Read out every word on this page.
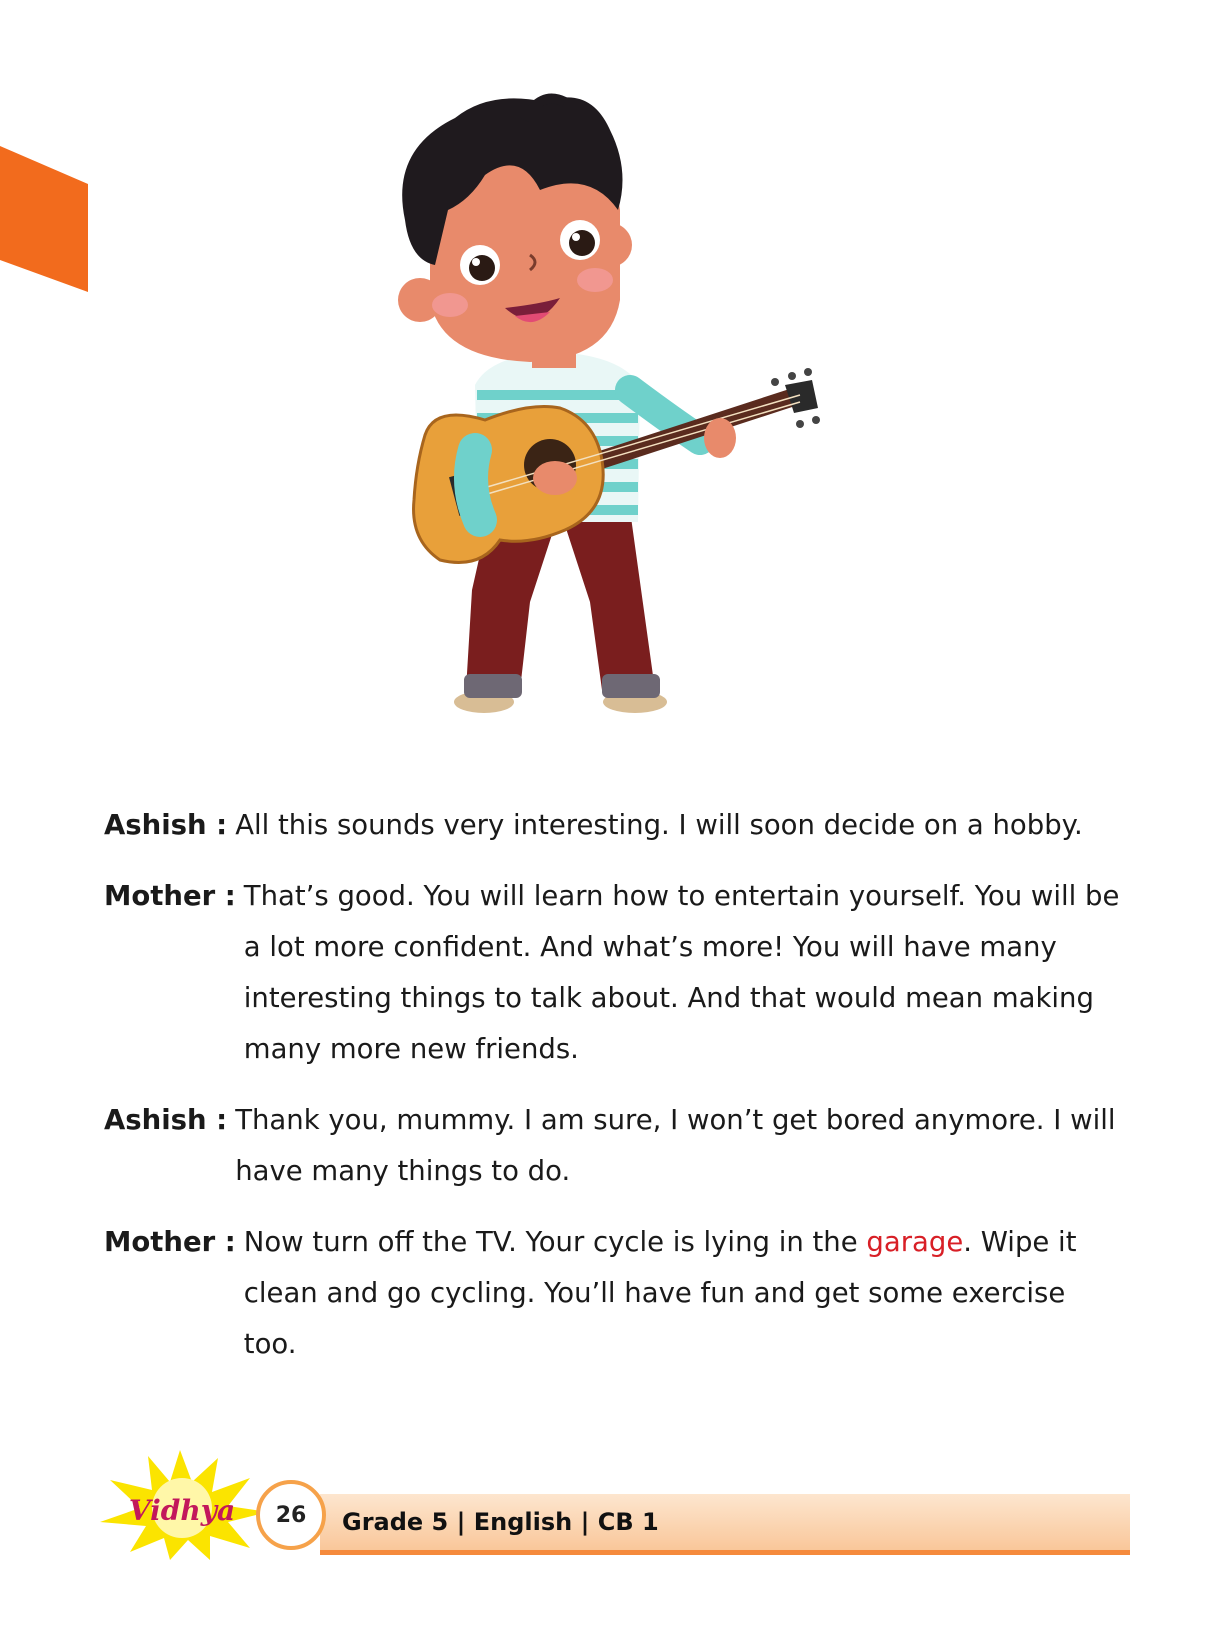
Ashish : All this sounds very interesting. I will soon decide on a hobby.
Mother : That’s good. You will learn how to entertain yourself. You will be a lot more confident. And what’s more! You will have many interesting things to talk about. And that would mean making many more new friends.
Ashish : Thank you, mummy. I am sure, I won’t get bored anymore. I will have many things to do.
Mother : Now turn off the TV. Your cycle is lying in the garage. Wipe it clean and go cycling. You’ll have fun and get some exercise too.
Vidhya	26	Grade 5 | English | CB 1
